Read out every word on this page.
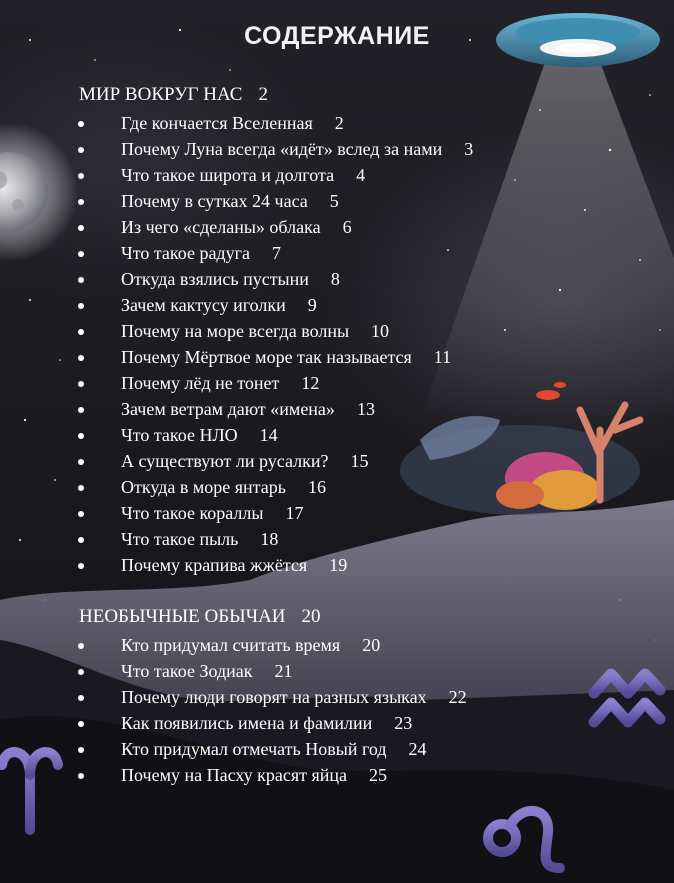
СОДЕРЖАНИЕ
МИР ВОКРУГ НАС 2
Где кончается Вселенная 2
Почему Луна всегда «идёт» вслед за нами 3
Что такое широта и долгота 4
Почему в сутках 24 часа 5
Из чего «сделаны» облака 6
Что такое радуга 7
Откуда взялись пустыни 8
Зачем кактусу иголки 9
Почему на море всегда волны 10
Почему Мёртвое море так называется 11
Почему лёд не тонет 12
Зачем ветрам дают «имена» 13
Что такое НЛО 14
А существуют ли русалки? 15
Откуда в море янтарь 16
Что такое кораллы 17
Что такое пыль 18
Почему крапива жжётся 19
НЕОБЫЧНЫЕ ОБЫЧАИ 20
Кто придумал считать время 20
Что такое Зодиак 21
Почему люди говорят на разных языках 22
Как появились имена и фамилии 23
Кто придумал отмечать Новый год 24
Почему на Пасху красят яйца 25
